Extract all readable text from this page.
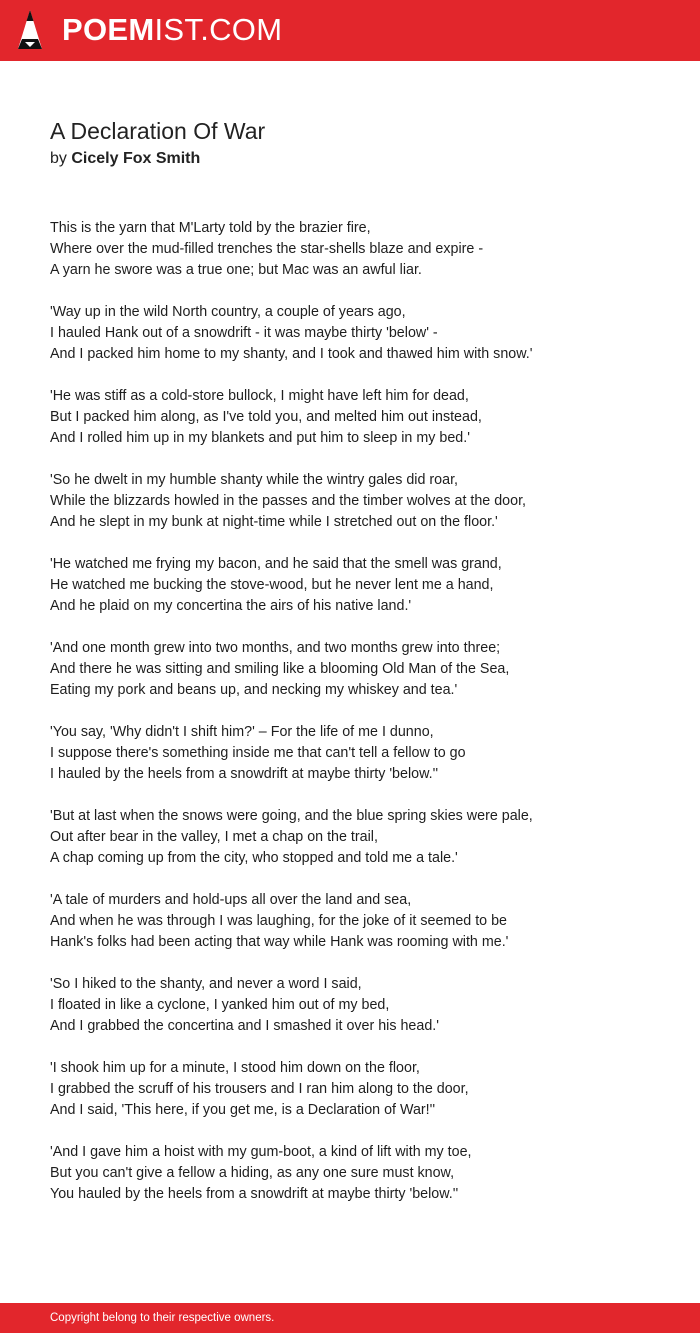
POEMIST.COM
A Declaration Of War
by Cicely Fox Smith
This is the yarn that M'Larty told by the brazier fire,
Where over the mud-filled trenches the star-shells blaze and expire -
A yarn he swore was a true one; but Mac was an awful liar.
'Way up in the wild North country, a couple of years ago,
I hauled Hank out of a snowdrift - it was maybe thirty 'below' -
And I packed him home to my shanty, and I took and thawed him with snow.'
'He was stiff as a cold-store bullock, I might have left him for dead,
But I packed him along, as I've told you, and melted him out instead,
And I rolled him up in my blankets and put him to sleep in my bed.'
'So he dwelt in my humble shanty while the wintry gales did roar,
While the blizzards howled in the passes and the timber wolves at the door,
And he slept in my bunk at night-time while I stretched out on the floor.'
'He watched me frying my bacon, and he said that the smell was grand,
He watched me bucking the stove-wood, but he never lent me a hand,
And he plaid on my concertina the airs of his native land.'
'And one month grew into two months, and two months grew into three;
And there he was sitting and smiling like a blooming Old Man of the Sea,
Eating my pork and beans up, and necking my whiskey and tea.'
'You say, 'Why didn't I shift him?' – For the life of me I dunno,
I suppose there's something inside me that can't tell a fellow to go
I hauled by the heels from a snowdrift at maybe thirty 'below.''
'But at last when the snows were going, and the blue spring skies were pale,
Out after bear in the valley, I met a chap on the trail,
A chap coming up from the city, who stopped and told me a tale.'
'A tale of murders and hold-ups all over the land and sea,
And when he was through I was laughing, for the joke of it seemed to be
Hank's folks had been acting that way while Hank was rooming with me.'
'So I hiked to the shanty, and never a word I said,
I floated in like a cyclone, I yanked him out of my bed,
And I grabbed the concertina and I smashed it over his head.'
'I shook him up for a minute, I stood him down on the floor,
I grabbed the scruff of his trousers and I ran him along to the door,
And I said, 'This here, if you get me, is a Declaration of War!''
'And I gave him a hoist with my gum-boot, a kind of lift with my toe,
But you can't give a fellow a hiding, as any one sure must know,
You hauled by the heels from a snowdrift at maybe thirty 'below.''
Copyright belong to their respective owners.
